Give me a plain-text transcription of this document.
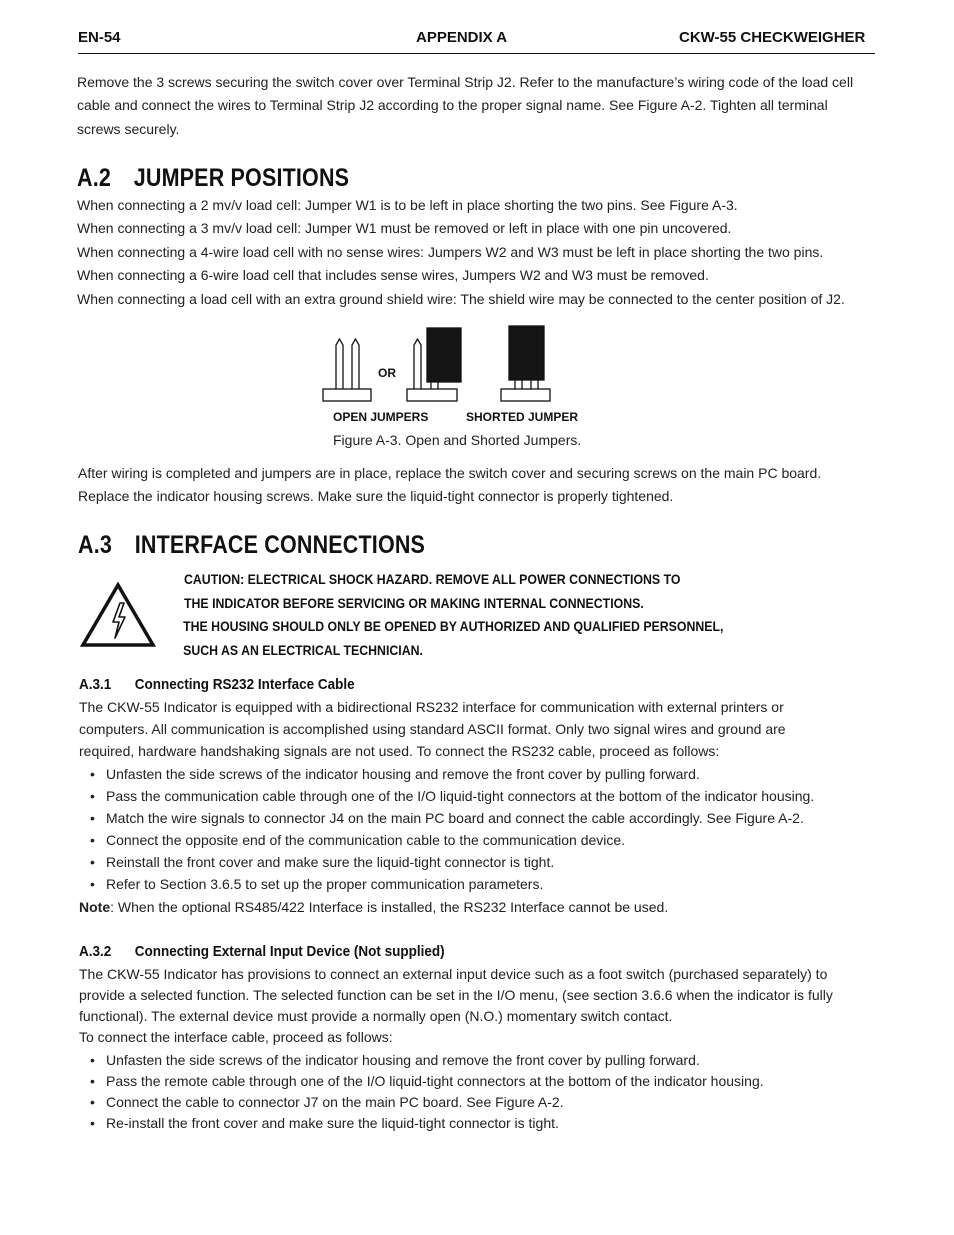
EN-54	APPENDIX A	CKW-55 CHECKWEIGHER
Remove the 3 screws securing the switch cover over Terminal Strip J2. Refer to the manufacture’s wiring code of the load cell
cable and connect the wires to Terminal Strip J2 according to the proper signal name. See Figure A-2. Tighten all terminal
screws securely.
A.2 JUMPER POSITIONS
When connecting a 2 mv/v load cell: Jumper W1 is to be left in place shorting the two pins. See Figure A-3.
When connecting a 3 mv/v load cell: Jumper W1 must be removed or left in place with one pin uncovered.
When connecting a 4-wire load cell with no sense wires: Jumpers W2 and W3 must be left in place shorting the two pins.
When connecting a 6-wire load cell that includes sense wires, Jumpers W2 and W3 must be removed.
When connecting a load cell with an extra ground shield wire: The shield wire may be connected to the center position of J2.
OR
OPEN JUMPERS	SHORTED JUMPER
Figure A-3. Open and Shorted Jumpers.
After wiring is completed and jumpers are in place, replace the switch cover and securing screws on the main PC board.
Replace the indicator housing screws. Make sure the liquid-tight connector is properly tightened.
A.3 INTERFACE CONNECTIONS
CAUTION: ELECTRICAL SHOCK HAZARD. REMOVE ALL POWER CONNECTIONS TO
THE INDICATOR BEFORE SERVICING OR MAKING INTERNAL CONNECTIONS.
THE HOUSING SHOULD ONLY BE OPENED BY AUTHORIZED AND QUALIFIED PERSONNEL,
SUCH AS AN ELECTRICAL TECHNICIAN.
A.3.1 Connecting RS232 Interface Cable
The CKW-55 Indicator is equipped with a bidirectional RS232 interface for communication with external printers or
computers. All communication is accomplished using standard ASCII format. Only two signal wires and ground are
required, hardware handshaking signals are not used. To connect the RS232 cable, proceed as follows:
• Unfasten the side screws of the indicator housing and remove the front cover by pulling forward.
• Pass the communication cable through one of the I/O liquid-tight connectors at the bottom of the indicator housing.
• Match the wire signals to connector J4 on the main PC board and connect the cable accordingly. See Figure A-2.
• Connect the opposite end of the communication cable to the communication device.
• Reinstall the front cover and make sure the liquid-tight connector is tight.
• Refer to Section 3.6.5 to set up the proper communication parameters.
Note: When the optional RS485/422 Interface is installed, the RS232 Interface cannot be used.
A.3.2 Connecting External Input Device (Not supplied)
The CKW-55 Indicator has provisions to connect an external input device such as a foot switch (purchased separately) to
provide a selected function. The selected function can be set in the I/O menu, (see section 3.6.6 when the indicator is fully
functional). The external device must provide a normally open (N.O.) momentary switch contact.
To connect the interface cable, proceed as follows:
• Unfasten the side screws of the indicator housing and remove the front cover by pulling forward.
• Pass the remote cable through one of the I/O liquid-tight connectors at the bottom of the indicator housing.
• Connect the cable to connector J7 on the main PC board. See Figure A-2.
• Re-install the front cover and make sure the liquid-tight connector is tight.
